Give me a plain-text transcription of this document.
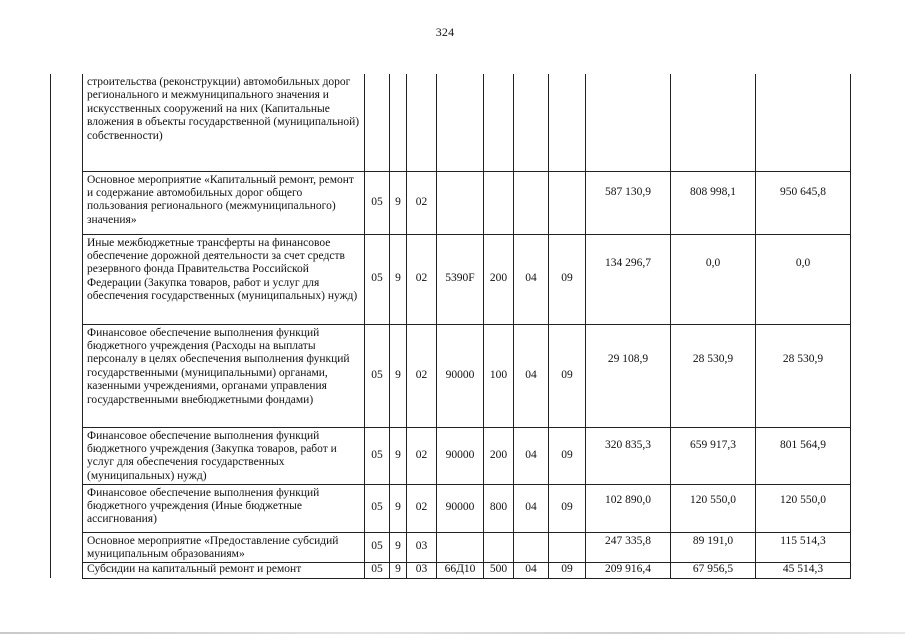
324
	строительства (реконструкции) автомобильных дорог регионального и межмуниципального значения и искусственных сооружений на них (Капитальные вложения в объекты государственной (муниципальной) собственности)										
	Основное мероприятие «Капитальный ремонт, ремонт и содержание автомобильных дорог общего пользования регионального (межмуниципального) значения»	05	9	02					587 130,9	808 998,1	950 645,8
	Иные межбюджетные трансферты на финансовое обеспечение дорожной деятельности за счет средств резервного фонда Правительства Российской Федерации (Закупка товаров, работ и услуг для обеспечения государственных (муниципальных) нужд)	05	9	02	5390F	200	04	09	134 296,7	0,0	0,0
	Финансовое обеспечение выполнения функций бюджетного учреждения (Расходы на выплаты персоналу в целях обеспечения выполнения функций государственными (муниципальными) органами, казенными учреждениями, органами управления государственными внебюджетными фондами)	05	9	02	90000	100	04	09	29 108,9	28 530,9	28 530,9
	Финансовое обеспечение выполнения функций бюджетного учреждения (Закупка товаров, работ и услуг для обеспечения государственных (муниципальных) нужд)	05	9	02	90000	200	04	09	320 835,3	659 917,3	801 564,9
	Финансовое обеспечение выполнения функций бюджетного учреждения (Иные бюджетные ассигнования)	05	9	02	90000	800	04	09	102 890,0	120 550,0	120 550,0
	Основное мероприятие «Предоставление субсидий муниципальным образованиям»	05	9	03					247 335,8	89 191,0	115 514,3
	Субсидии на капитальный ремонт и ремонт	05	9	03	66Д10	500	04	09	209 916,4	67 956,5	45 514,3
